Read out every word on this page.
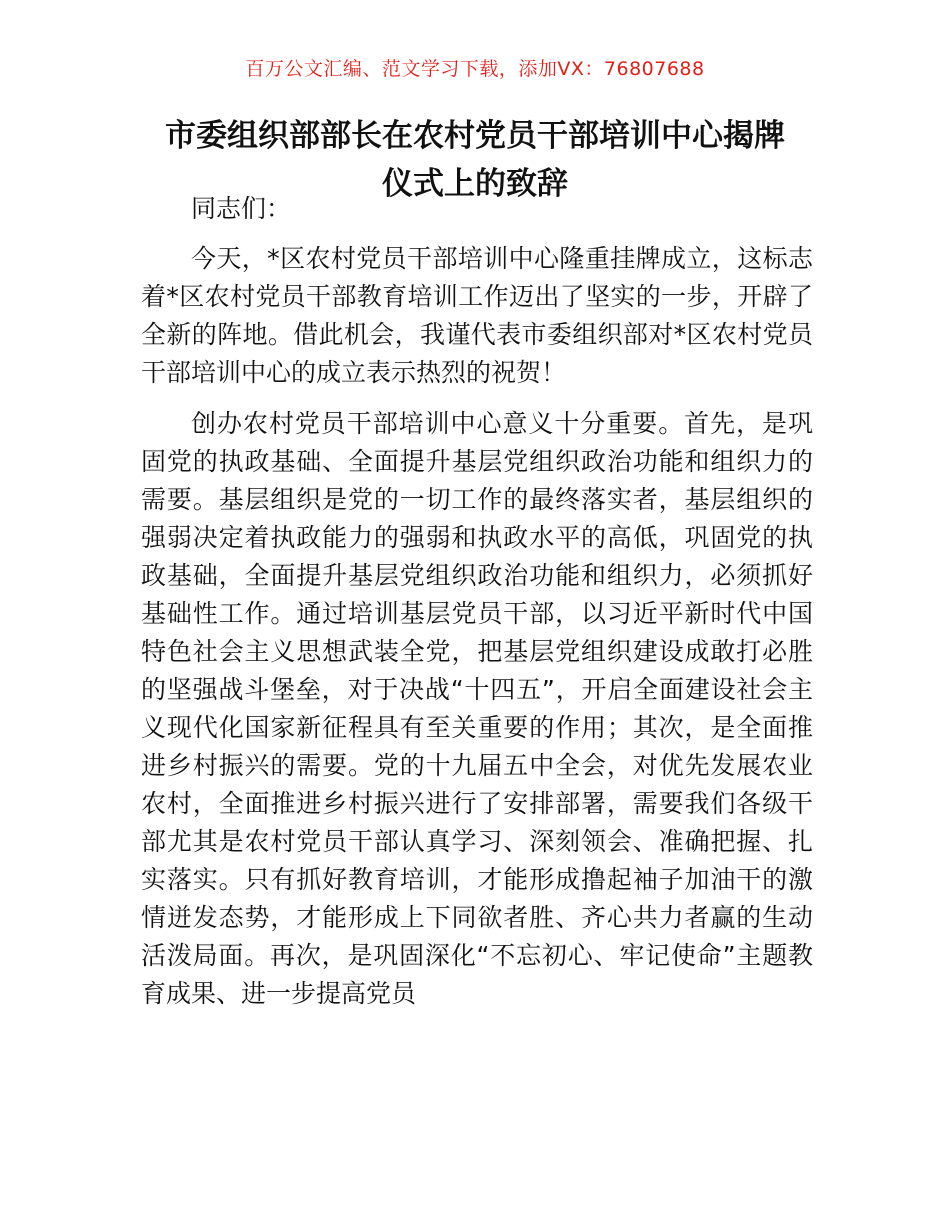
百万公文汇编、范文学习下载，添加VX：76807688
市委组织部部长在农村党员干部培训中心揭牌
仪式上的致辞

同志们：

今天，*区农村党员干部培训中心隆重挂牌成立，这标志着*区农村党员干部教育培训工作迈出了坚实的一步，开辟了全新的阵地。借此机会，我谨代表市委组织部对*区农村党员干部培训中心的成立表示热烈的祝贺！

创办农村党员干部培训中心意义十分重要。首先，是巩固党的执政基础、全面提升基层党组织政治功能和组织力的需要。基层组织是党的一切工作的最终落实者，基层组织的强弱决定着执政能力的强弱和执政水平的高低，巩固党的执政基础，全面提升基层党组织政治功能和组织力，必须抓好基础性工作。通过培训基层党员干部，以习近平新时代中国特色社会主义思想武装全党，把基层党组织建设成敢打必胜的坚强战斗堡垒，对于决战“十四五”，开启全面建设社会主义现代化国家新征程具有至关重要的作用；其次，是全面推进乡村振兴的需要。党的十九届五中全会，对优先发展农业农村，全面推进乡村振兴进行了安排部署，需要我们各级干部尤其是农村党员干部认真学习、深刻领会、准确把握、扎实落实。只有抓好教育培训，才能形成撸起袖子加油干的激情迸发态势，才能形成上下同欲者胜、齐心共力者赢的生动活泼局面。再次，是巩固深化“不忘初心、牢记使命”主题教育成果、进一步提高党员
